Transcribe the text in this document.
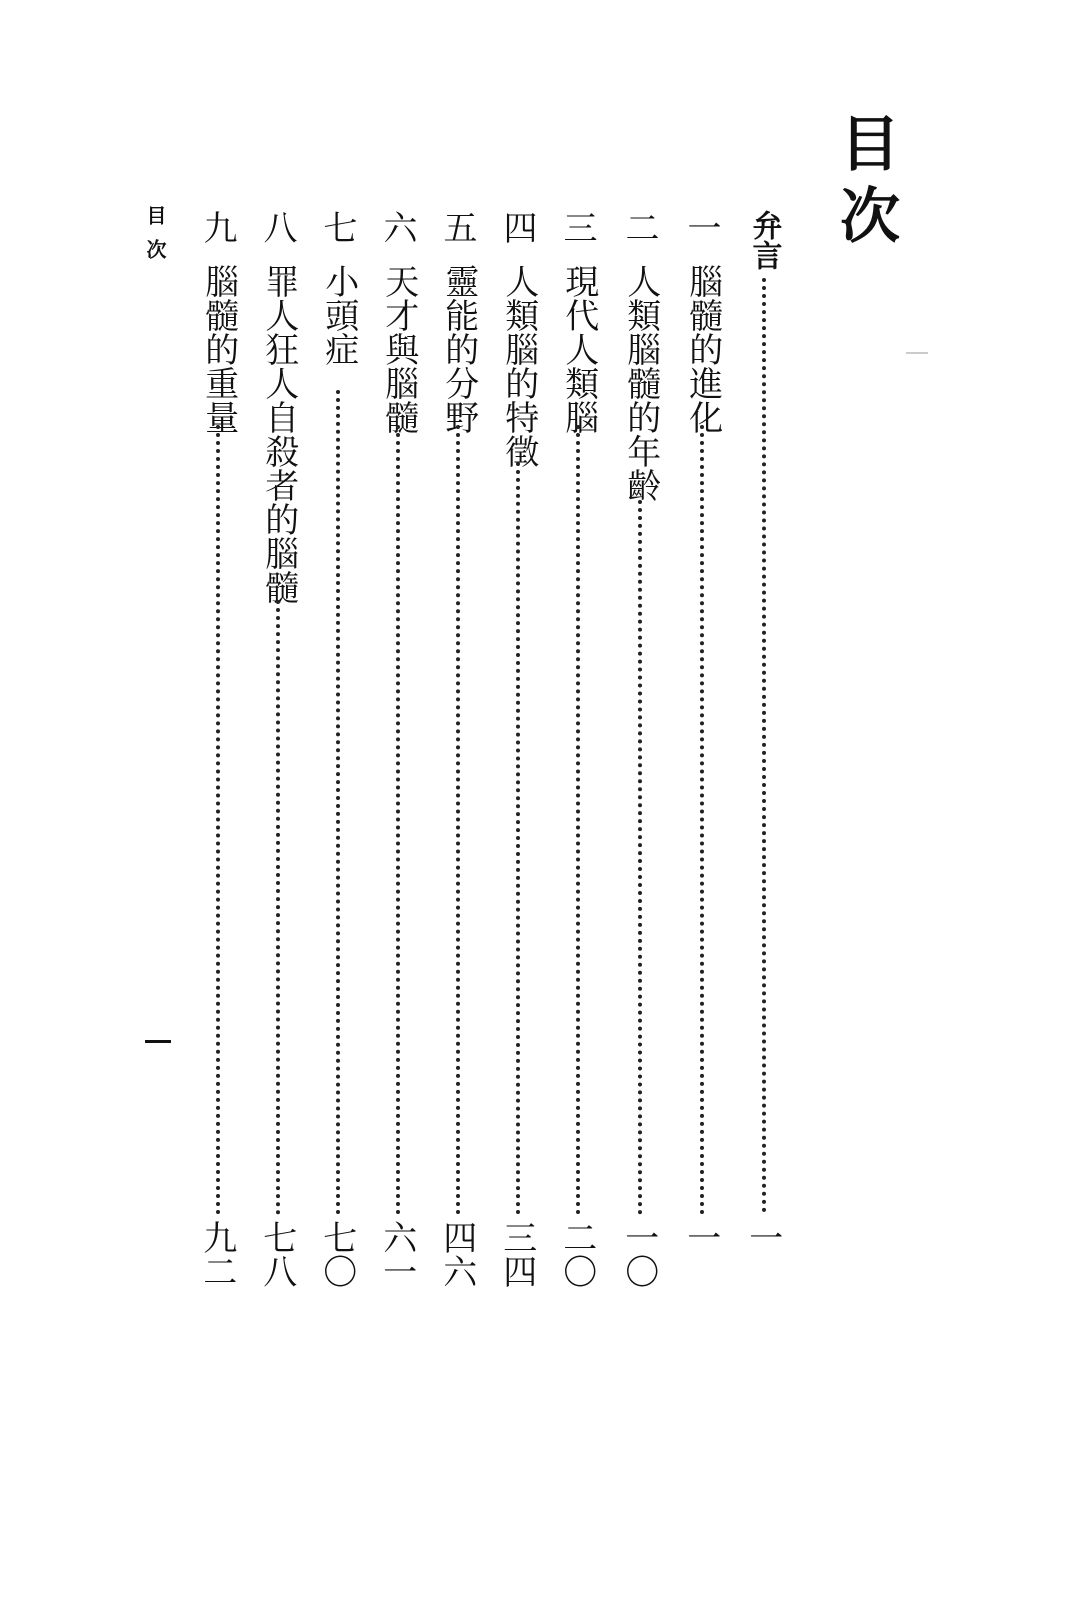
目次
弁言
一
一
腦髓的進化
一
二
人類腦髓的年齡
一〇
三
現代人類腦
二〇
四
人類腦的特徵
三四
五
靈能的分野
四六
六
天才與腦髓
六一
七
小頭症
七〇
八
罪人狂人自殺者的腦髓
七八
九
腦髓的重量
九二
目次
